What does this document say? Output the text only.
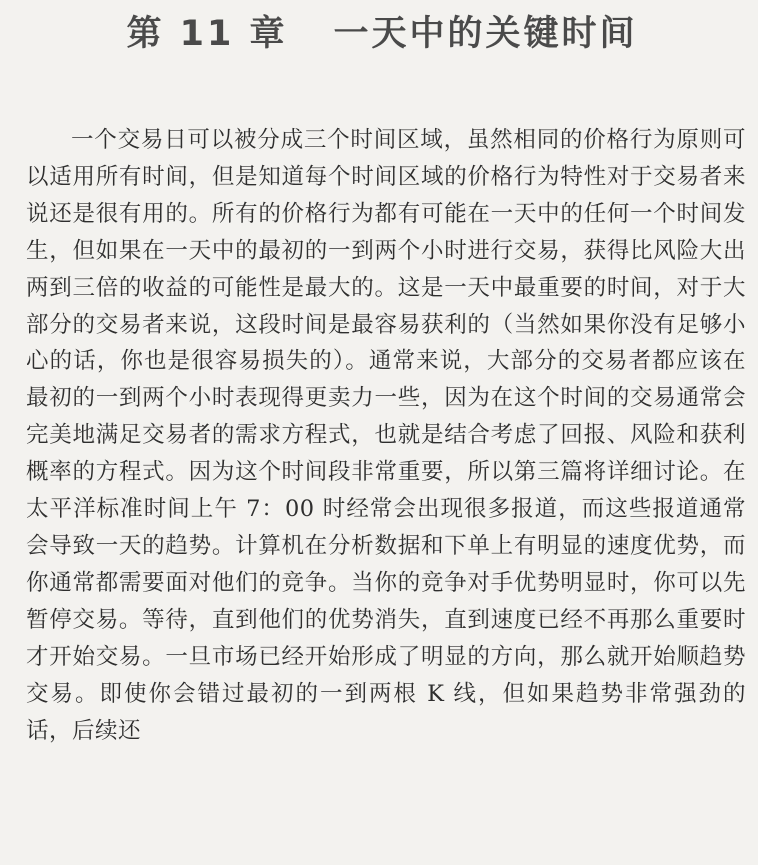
第 11 章 一天中的关键时间

一个交易日可以被分成三个时间区域，虽然相同的价格行为原则可以适用所有时间，但是知道每个时间区域的价格行为特性对于交易者来说还是很有用的。所有的价格行为都有可能在一天中的任何一个时间发生，但如果在一天中的最初的一到两个小时进行交易，获得比风险大出两到三倍的收益的可能性是最大的。这是一天中最重要的时间，对于大部分的交易者来说，这段时间是最容易获利的（当然如果你没有足够小心的话，你也是很容易损失的）。通常来说，大部分的交易者都应该在最初的一到两个小时表现得更卖力一些，因为在这个时间的交易通常会完美地满足交易者的需求方程式，也就是结合考虑了回报、风险和获利概率的方程式。因为这个时间段非常重要，所以第三篇将详细讨论。在太平洋标准时间上午 7：00 时经常会出现很多报道，而这些报道通常会导致一天的趋势。计算机在分析数据和下单上有明显的速度优势，而你通常都需要面对他们的竞争。当你的竞争对手优势明显时，你可以先暂停交易。等待，直到他们的优势消失，直到速度已经不再那么重要时才开始交易。一旦市场已经开始形成了明显的方向，那么就开始顺趋势交易。即使你会错过最初的一到两根 K 线，但如果趋势非常强劲的话，后续还
